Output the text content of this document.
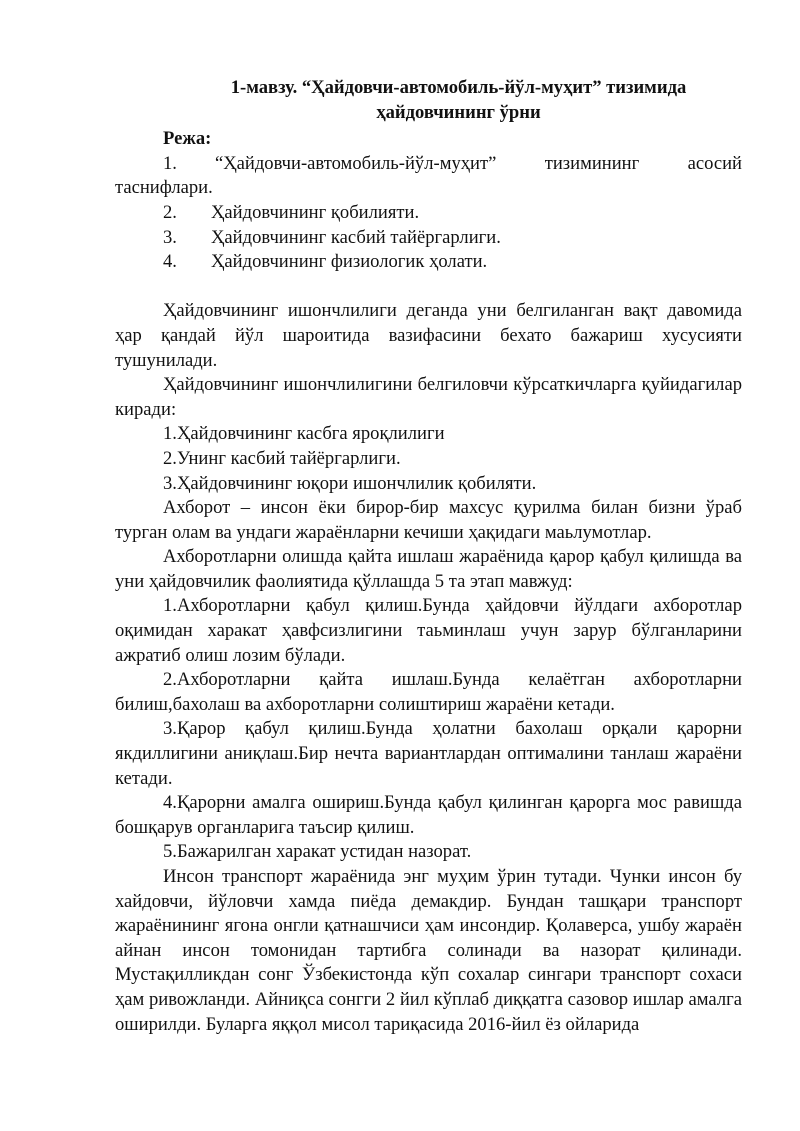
1-мавзу. “Ҳайдовчи-автомобиль-йўл-муҳит” тизимида
ҳайдовчининг ўрни
Режа:
1. “Ҳайдовчи-автомобиль-йўл-муҳит” тизимининг асосий таснифлари.
2.	Ҳайдовчининг қобилияти.
3.	Ҳайдовчининг касбий тайёргарлиги.
4.	Ҳайдовчининг физиологик ҳолати.

Ҳайдовчининг ишончлилиги деганда уни белгиланган вақт давомида ҳар қандай йўл шароитида вазифасини бехато бажариш хусусияти тушунилади.

Ҳайдовчининг ишончлилигини белгиловчи кўрсаткичларга қуйидагилар киради:

1.Ҳайдовчининг касбга яроқлилиги

2.Унинг касбий тайёргарлиги.

3.Ҳайдовчининг юқори ишончлилик қобиляти.

Ахборот – инсон ёки бирор-бир махсус қурилма билан бизни ўраб турган олам ва ундаги жараёнларни кечиши ҳақидаги маьлумотлар.

Ахборотларни олишда қайта ишлаш жараёнида қарор қабул қилишда ва уни ҳайдовчилик фаолиятида қўллашда 5 та этап мавжуд:

1.Ахборотларни қабул қилиш.Бунда ҳайдовчи йўлдаги ахборотлар оқимидан харакат ҳавфсизлигини таьминлаш учун зарур бўлганларини ажратиб олиш лозим бўлади.

2.Ахборотларни қайта ишлаш.Бунда келаётган ахборотларни билиш,бахолаш ва ахборотларни солиштириш жараёни кетади.

3.Қарор қабул қилиш.Бунда ҳолатни бахолаш орқали қарорни якдиллигини аниқлаш.Бир нечта вариантлардан оптималини танлаш жараёни кетади.

4.Қарорни амалга ошириш.Бунда қабул қилинган қарорга мос равишда бошқарув органларига таъсир қилиш.

5.Бажарилган харакат устидан назорат.

Инсон транспорт жараёнида энг муҳим ўрин тутади. Чунки инсон бу хайдовчи, йўловчи хамда пиёда демакдир. Бундан ташқари транспорт жараёнининг ягона онгли қатнашчиси ҳам инсондир. Қолаверса, ушбу жараён айнан инсон томонидан тартибга солинади ва назорат қилинади. Мустақилликдан сонг Ўзбекистонда кўп сохалар сингари транспорт сохаси ҳам ривожланди. Айниқса сонгги 2 йил кўплаб диққатга сазовор ишлар амалга оширилди. Буларга яққол мисол тариқасида 2016-йил ёз ойларида
